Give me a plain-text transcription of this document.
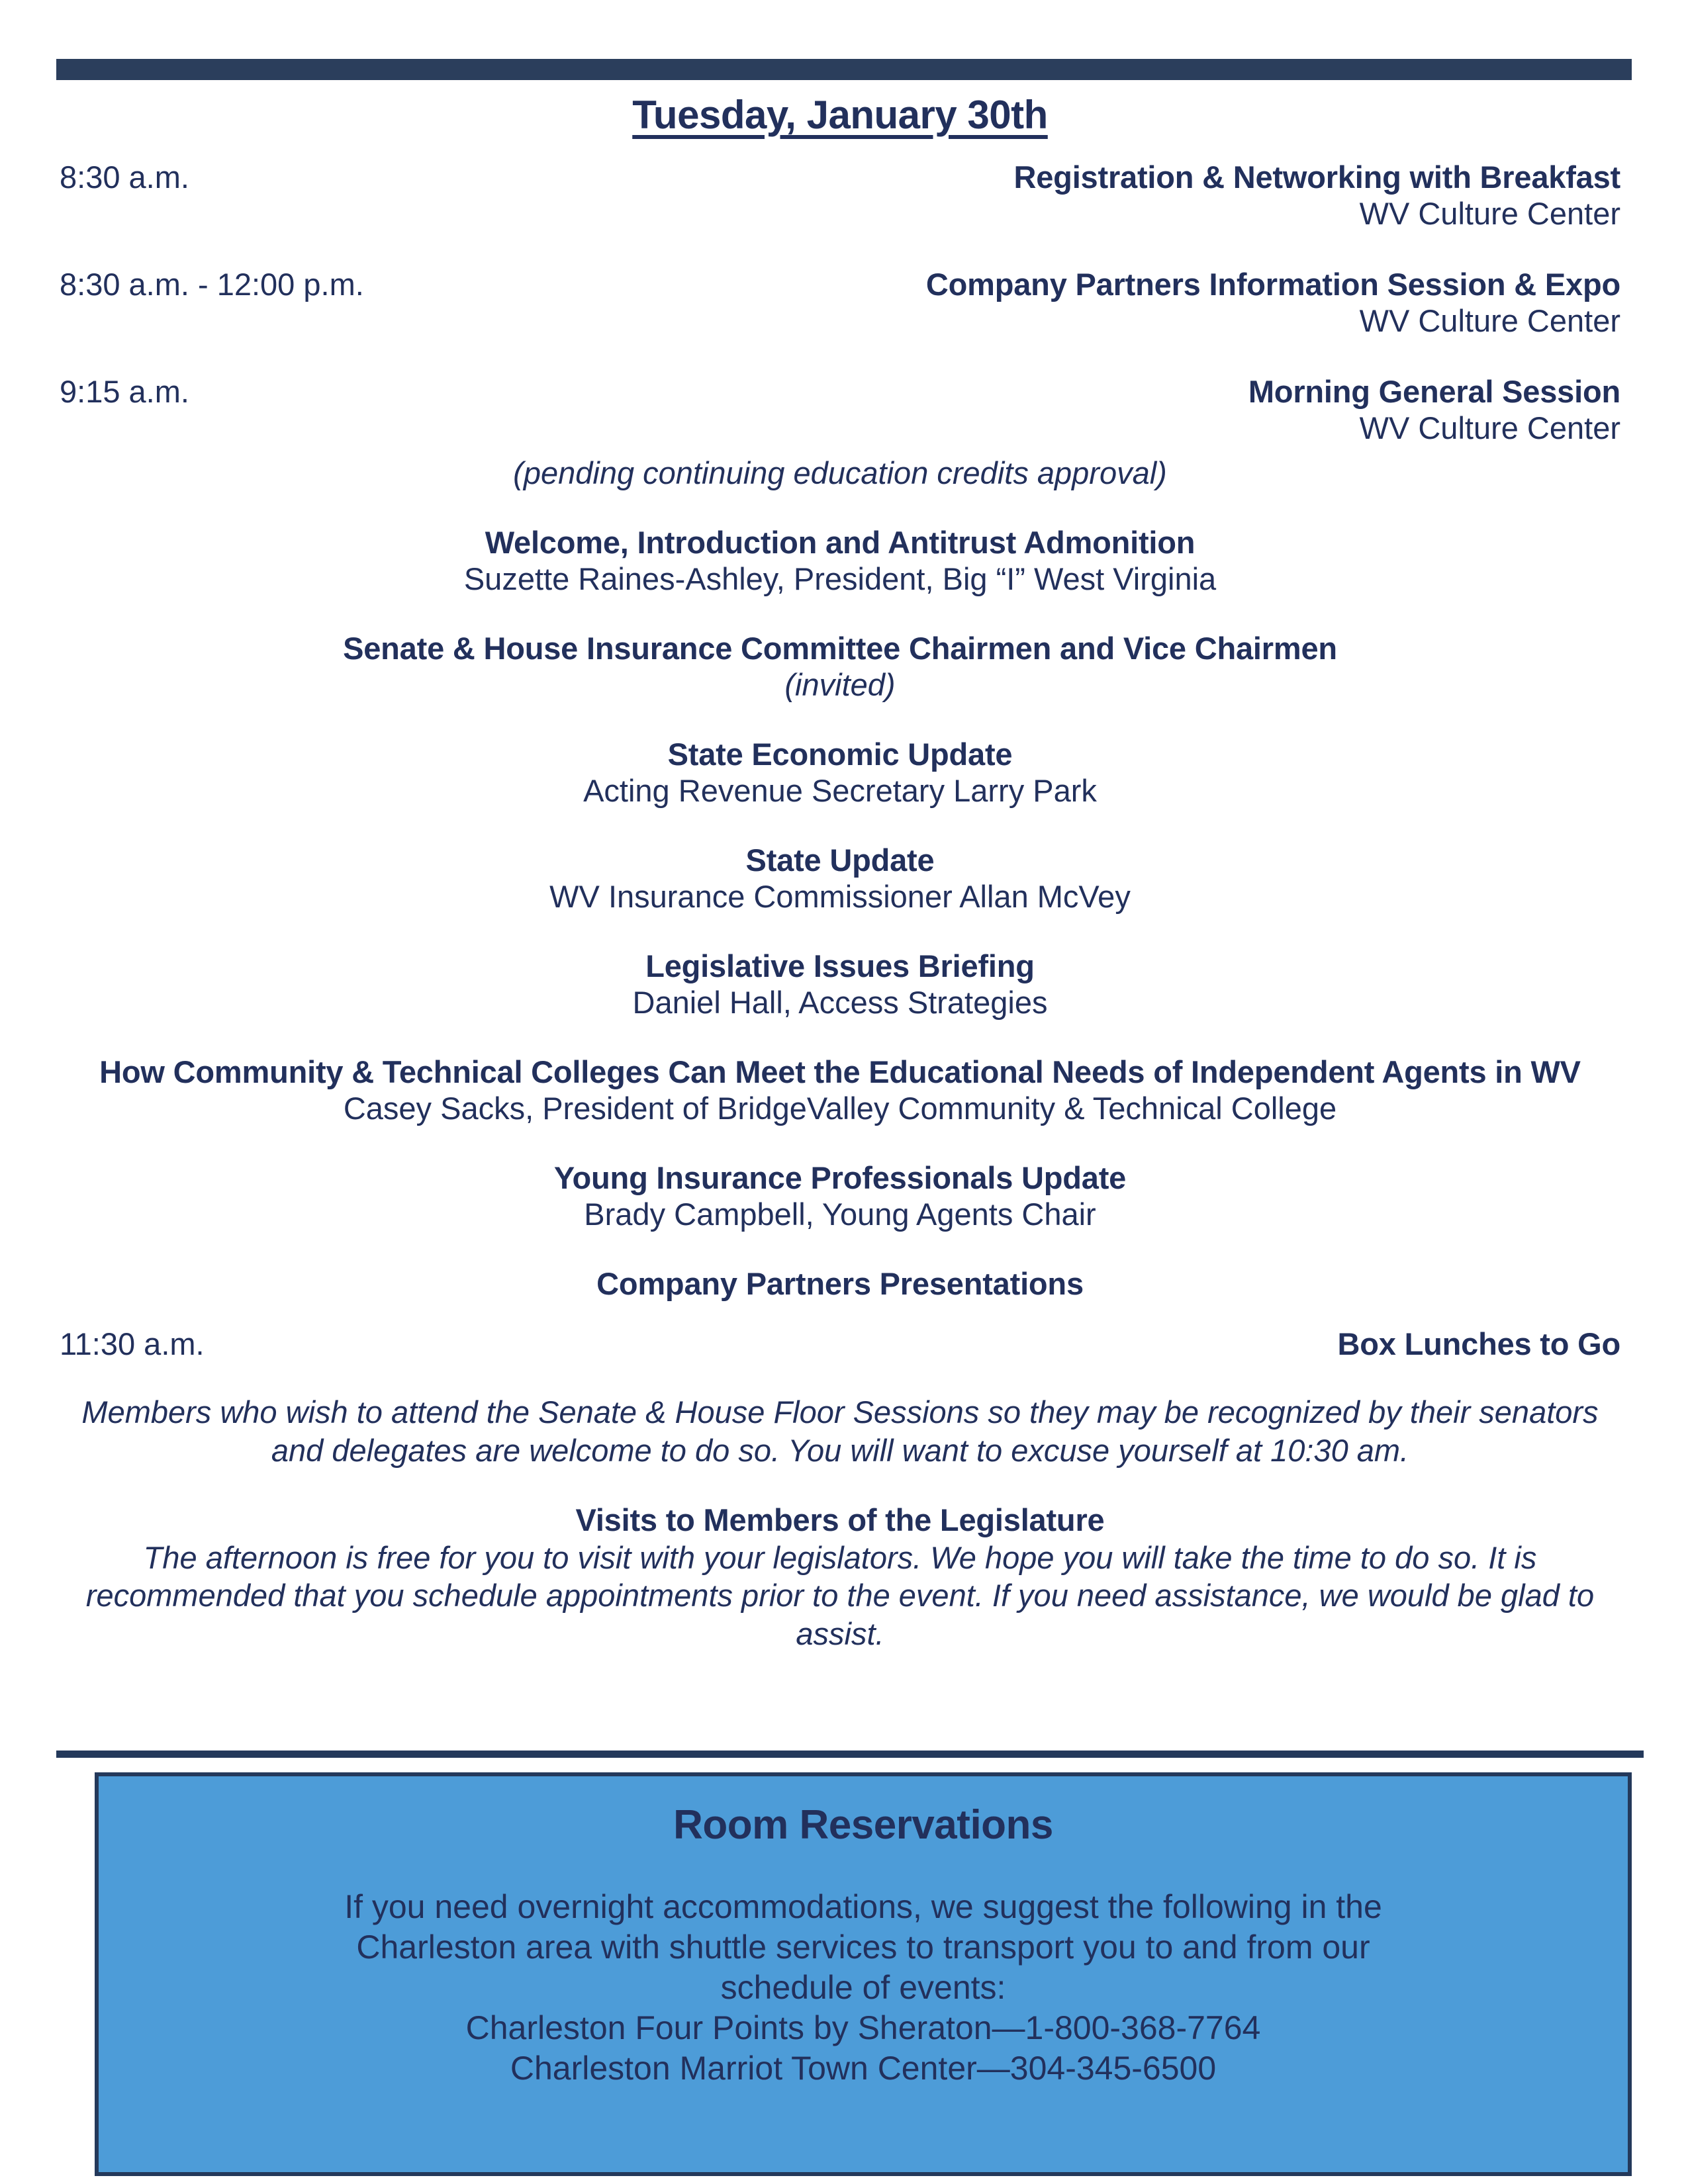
Tuesday, January 30th
8:30 a.m.	Registration & Networking with Breakfast
WV Culture Center
8:30 a.m. - 12:00 p.m.	Company Partners Information Session & Expo
WV Culture Center
9:15 a.m.	Morning General Session
WV Culture Center
(pending continuing education credits approval)
Welcome, Introduction and Antitrust Admonition
Suzette Raines-Ashley, President, Big “I” West Virginia
Senate & House Insurance Committee Chairmen and Vice Chairmen
(invited)
State Economic Update
Acting Revenue Secretary Larry Park
State Update
WV Insurance Commissioner Allan McVey
Legislative Issues Briefing
Daniel Hall, Access Strategies
How Community & Technical Colleges Can Meet the Educational Needs of Independent Agents in WV
Casey Sacks, President of BridgeValley Community & Technical College
Young Insurance Professionals Update
Brady Campbell, Young Agents Chair
Company Partners Presentations
11:30 a.m.	Box Lunches to Go
Members who wish to attend the Senate & House Floor Sessions so they may be recognized by their senators and delegates are welcome to do so. You will want to excuse yourself at 10:30 am.
Visits to Members of the Legislature
The afternoon is free for you to visit with your legislators. We hope you will take the time to do so. It is recommended that you schedule appointments prior to the event. If you need assistance, we would be glad to assist.
Room Reservations
If you need overnight accommodations, we suggest the following in the
Charleston area with shuttle services to transport you to and from our
schedule of events:
Charleston Four Points by Sheraton—1-800-368-7764
Charleston Marriot Town Center—304-345-6500
